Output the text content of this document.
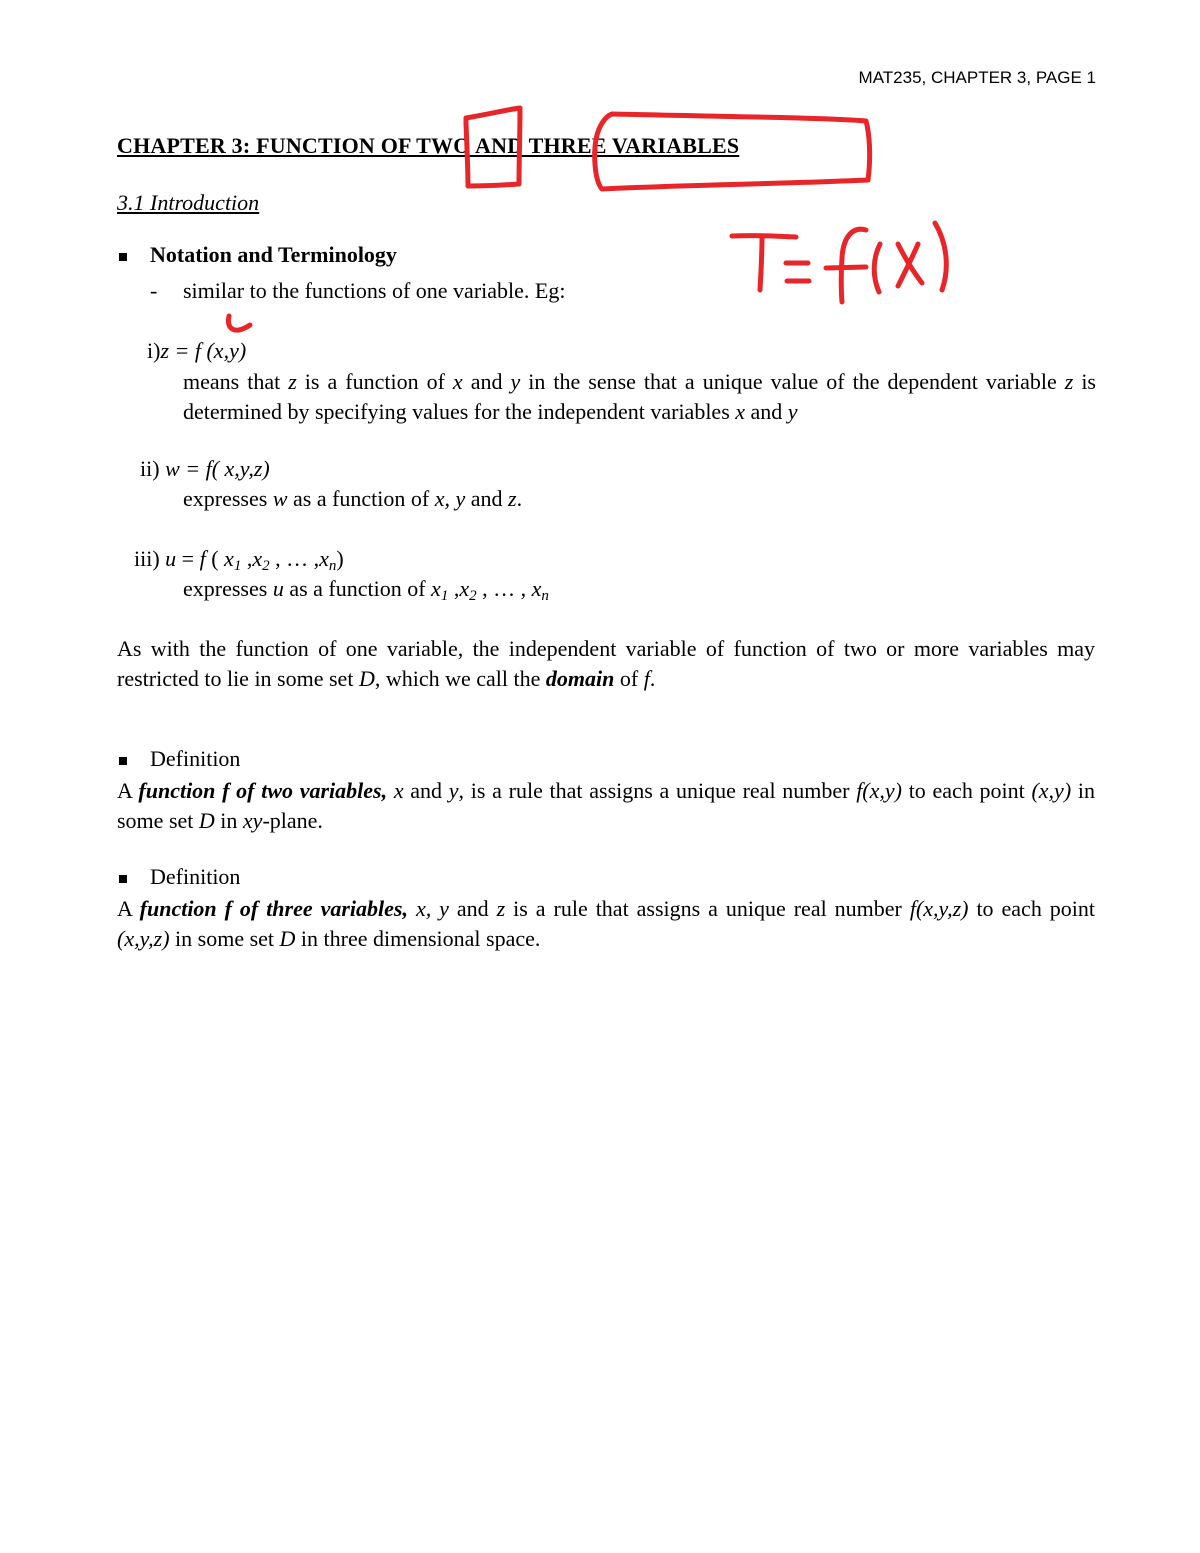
MAT235, CHAPTER 3, PAGE 1
CHAPTER 3: FUNCTION OF TWO AND THREE VARIABLES
3.1 Introduction
Notation and Terminology
- similar to the functions of one variable. Eg:
i)z = f (x,y)
means that z is a function of x and y in the sense that a unique value of the dependent variable z is determined by specifying values for the independent variables x and y
ii) w = f( x,y,z)
expresses w as a function of x, y and z.
iii) u = f ( $x_1$ $,x_2$ , … $,x_n$)
expresses u as a function of $x_1$ $,x_2$ , … , $x_n$
As with the function of one variable, the independent variable of function of two or more variables may restricted to lie in some set D, which we call the domain of f.
Definition
A function f of two variables, x and y, is a rule that assigns a unique real number f(x,y) to each point (x,y) in some set D in xy-plane.
Definition
A function f of three variables, x, y and z is a rule that assigns a unique real number f(x,y,z) to each point (x,y,z) in some set D in three dimensional space.
